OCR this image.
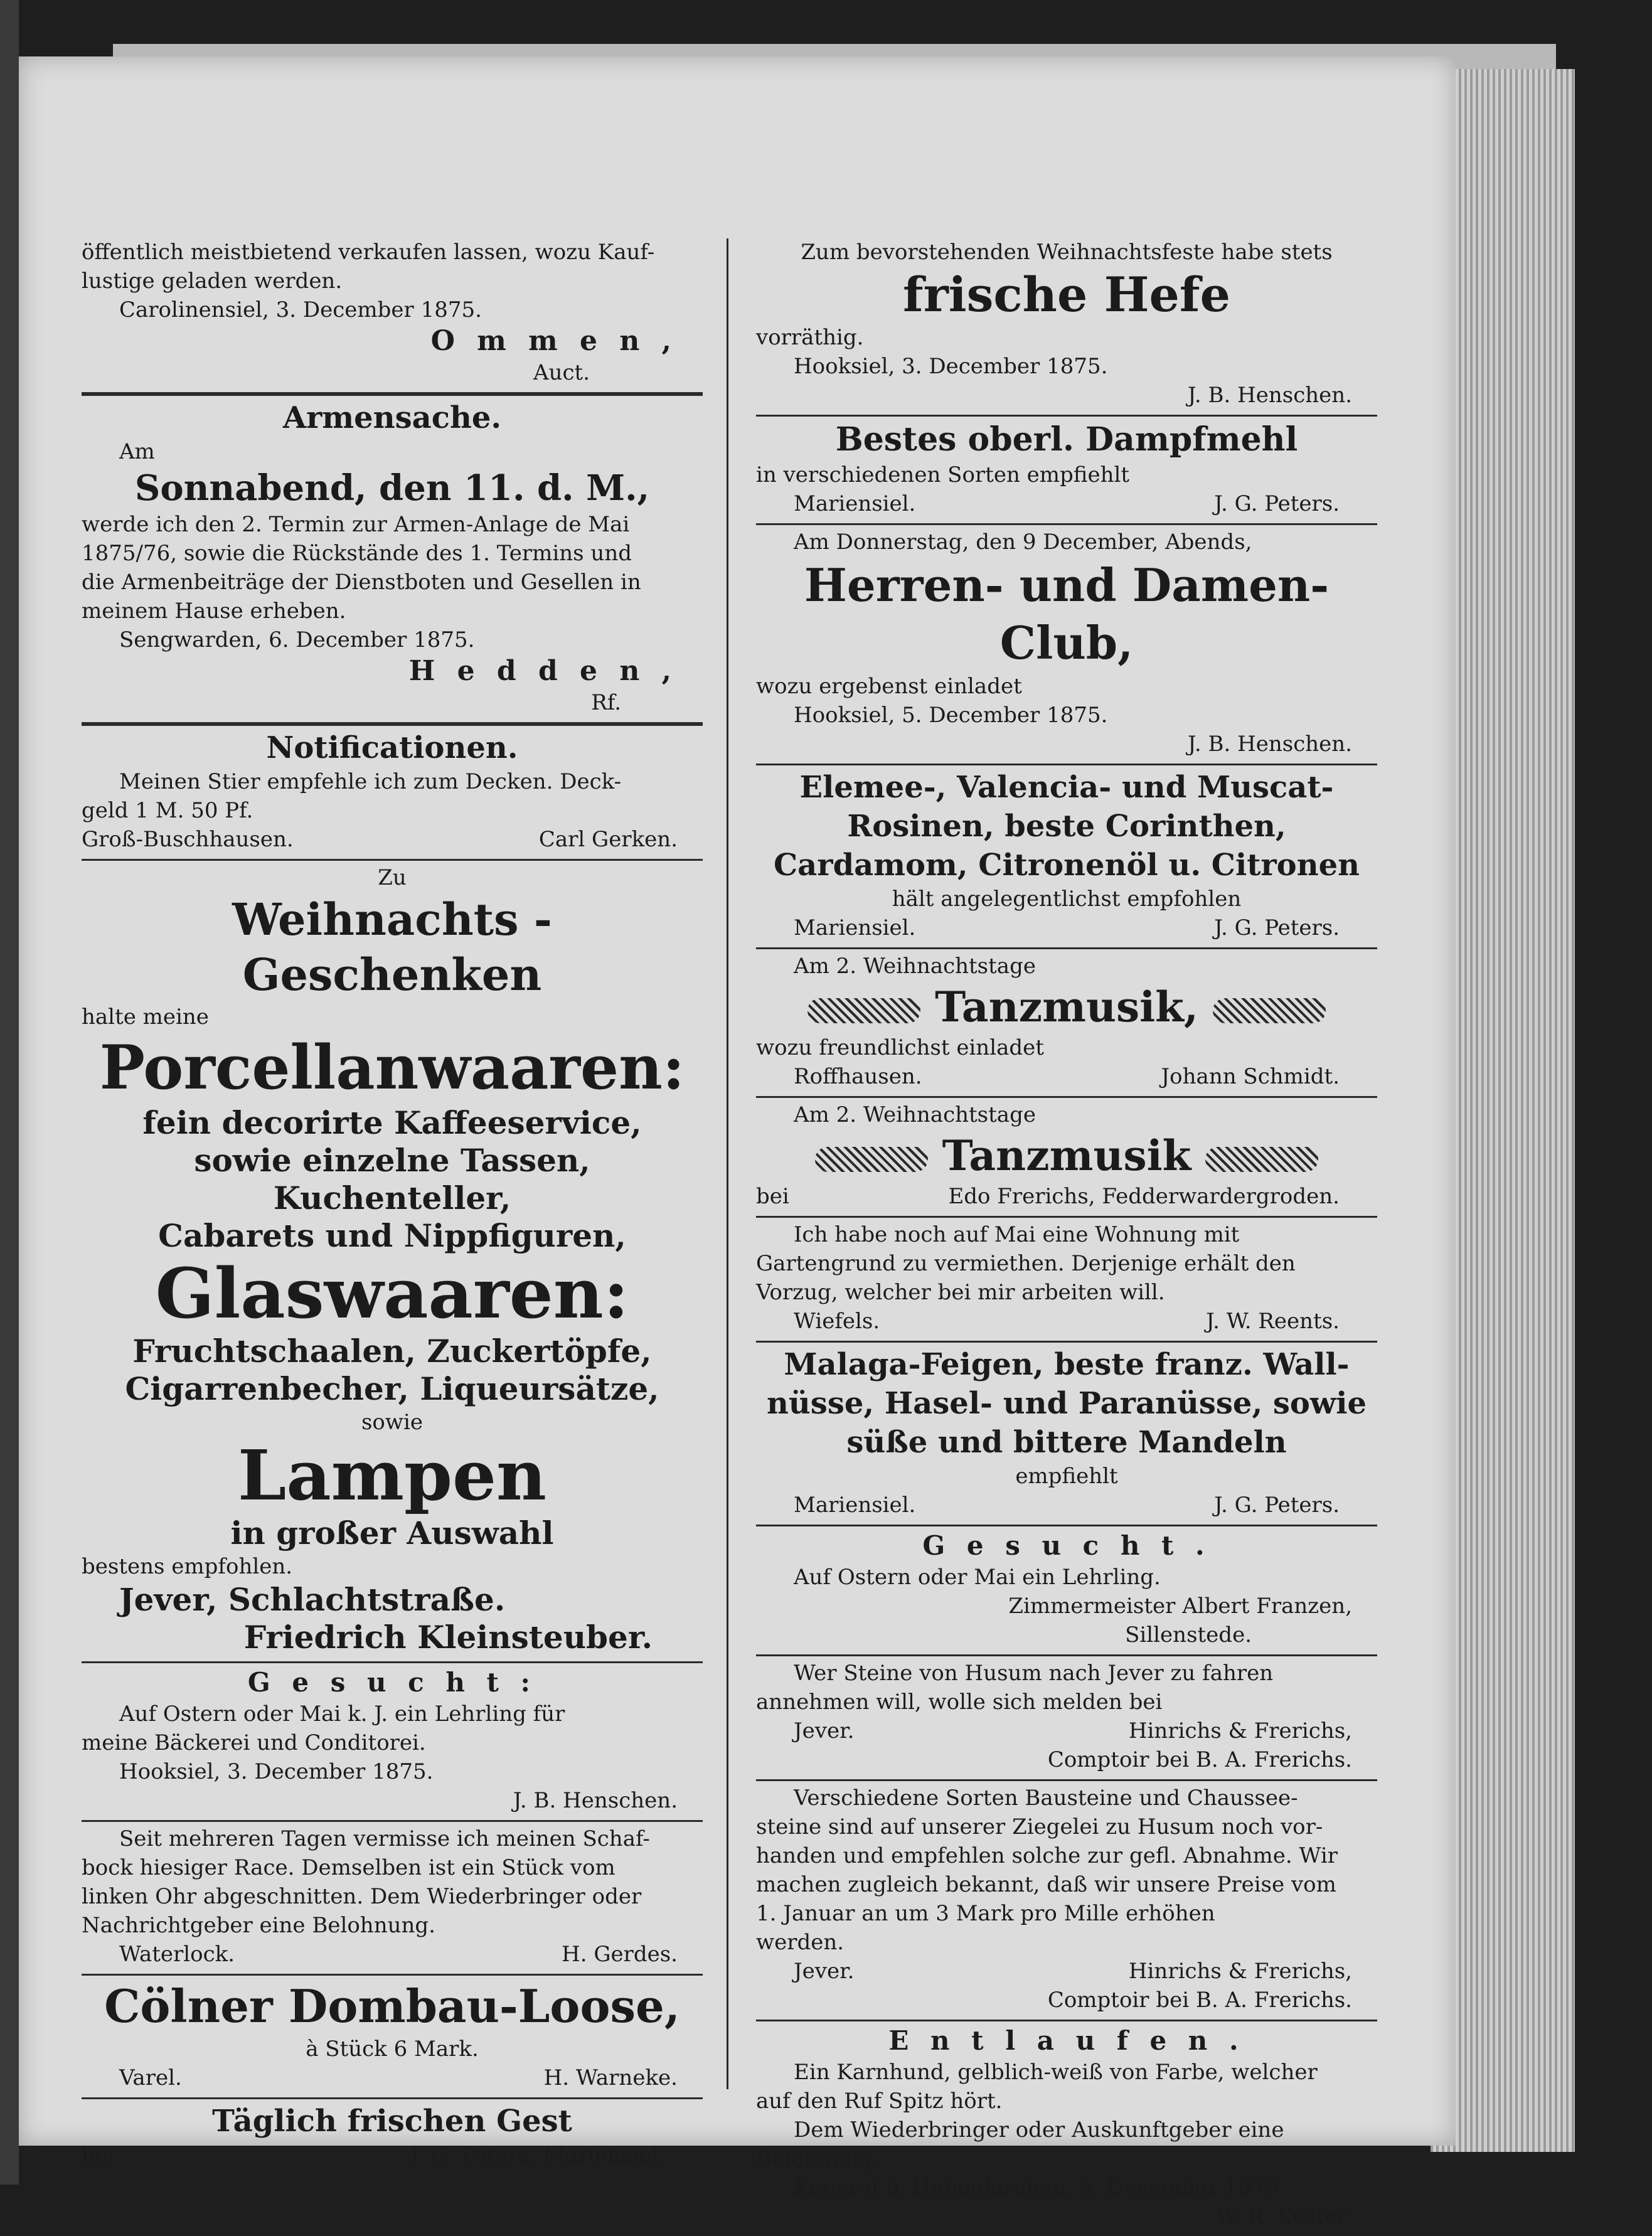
öffentlich meistbietend verkaufen lassen, wozu Kauf-
lustige geladen werden.
Carolinensiel, 3. December 1875.
O m m e n ,
Auct.
Armensache.
Am
Sonnabend, den 11. d. M.,
werde ich den 2. Termin zur Armen-Anlage de Mai
1875/76, sowie die Rückstände des 1. Termins und
die Armenbeiträge der Dienstboten und Gesellen in
meinem Hause erheben.
Sengwarden, 6. December 1875.
H e d d e n ,
Rf.
Notificationen.
Meinen Stier empfehle ich zum Decken. Deck-
geld 1 M. 50 Pf.
Groß-Buschhausen.	Carl Gerken.
Zu
Weihnachts - Geschenken
halte meine
Porcellanwaaren:
fein decorirte Kaffeeservice,
sowie einzelne Tassen, Kuchenteller,
Cabarets und Nippfiguren,
Glaswaaren:
Fruchtschaalen, Zuckertöpfe,
Cigarrenbecher, Liqueursätze,
sowie
Lampen
in großer Auswahl
bestens empfohlen.
Jever, Schlachtstraße.
Friedrich Kleinsteuber.
G e s u c h t :
Auf Ostern oder Mai k. J. ein Lehrling für
meine Bäckerei und Conditorei.
Hooksiel, 3. December 1875.
J. B. Henschen.
Seit mehreren Tagen vermisse ich meinen Schaf-
bock hiesiger Race. Demselben ist ein Stück vom
linken Ohr abgeschnitten. Dem Wiederbringer oder
Nachrichtgeber eine Belohnung.
Waterlock.	H. Gerdes.
Cölner Dombau-Loose,
à Stück 6 Mark.
Varel.	H. Warneke.
Täglich frischen Gest
bei	J. G. Peters, Mariensiel.
Zum bevorstehenden Weihnachtsfeste habe stets
frische Hefe
vorräthig.
Hooksiel, 3. December 1875.
J. B. Henschen.
Bestes oberl. Dampfmehl
in verschiedenen Sorten empfiehlt
Mariensiel.	J. G. Peters.
Am Donnerstag, den 9 December, Abends,
Herren- und Damen-Club,
wozu ergebenst einladet
Hooksiel, 5. December 1875.
J. B. Henschen.
Elemee-, Valencia- und Muscat-
Rosinen, beste Corinthen,
Cardamom, Citronenöl u. Citronen
hält angelegentlichst empfohlen
Mariensiel.	J. G. Peters.
Am 2. Weihnachtstage
Tanzmusik,
wozu freundlichst einladet
Roffhausen.	Johann Schmidt.
Am 2. Weihnachtstage
Tanzmusik
bei	Edo Frerichs, Fedderwardergroden.
Ich habe noch auf Mai eine Wohnung mit
Gartengrund zu vermiethen. Derjenige erhält den
Vorzug, welcher bei mir arbeiten will.
Wiefels.	J. W. Reents.
Malaga-Feigen, beste franz. Wall-
nüsse, Hasel- und Paranüsse, sowie
süße und bittere Mandeln
empfiehlt
Mariensiel.	J. G. Peters.
G e s u c h t .
Auf Ostern oder Mai ein Lehrling.
Zimmermeister Albert Franzen,
Sillenstede.
Wer Steine von Husum nach Jever zu fahren
annehmen will, wolle sich melden bei
Jever.	Hinrichs & Frerichs,
Comptoir bei B. A. Frerichs.
Verschiedene Sorten Bausteine und Chaussee-
steine sind auf unserer Ziegelei zu Husum noch vor-
handen und empfehlen solche zur gefl. Abnahme. Wir
machen zugleich bekannt, daß wir unsere Preise vom
1. Januar an um 3 Mark pro Mille erhöhen
werden.
Jever.	Hinrichs & Frerichs,
Comptoir bei B. A. Frerichs.
E n t l a u f e n .
Ein Karnhund, gelblich-weiß von Farbe, welcher
auf den Ruf Spitz hört.
Dem Wiederbringer oder Auskunftgeber eine
Belohnung.
Kaperei b. Hohenkirchen. 5. December 1875.
W. R. Köster.
